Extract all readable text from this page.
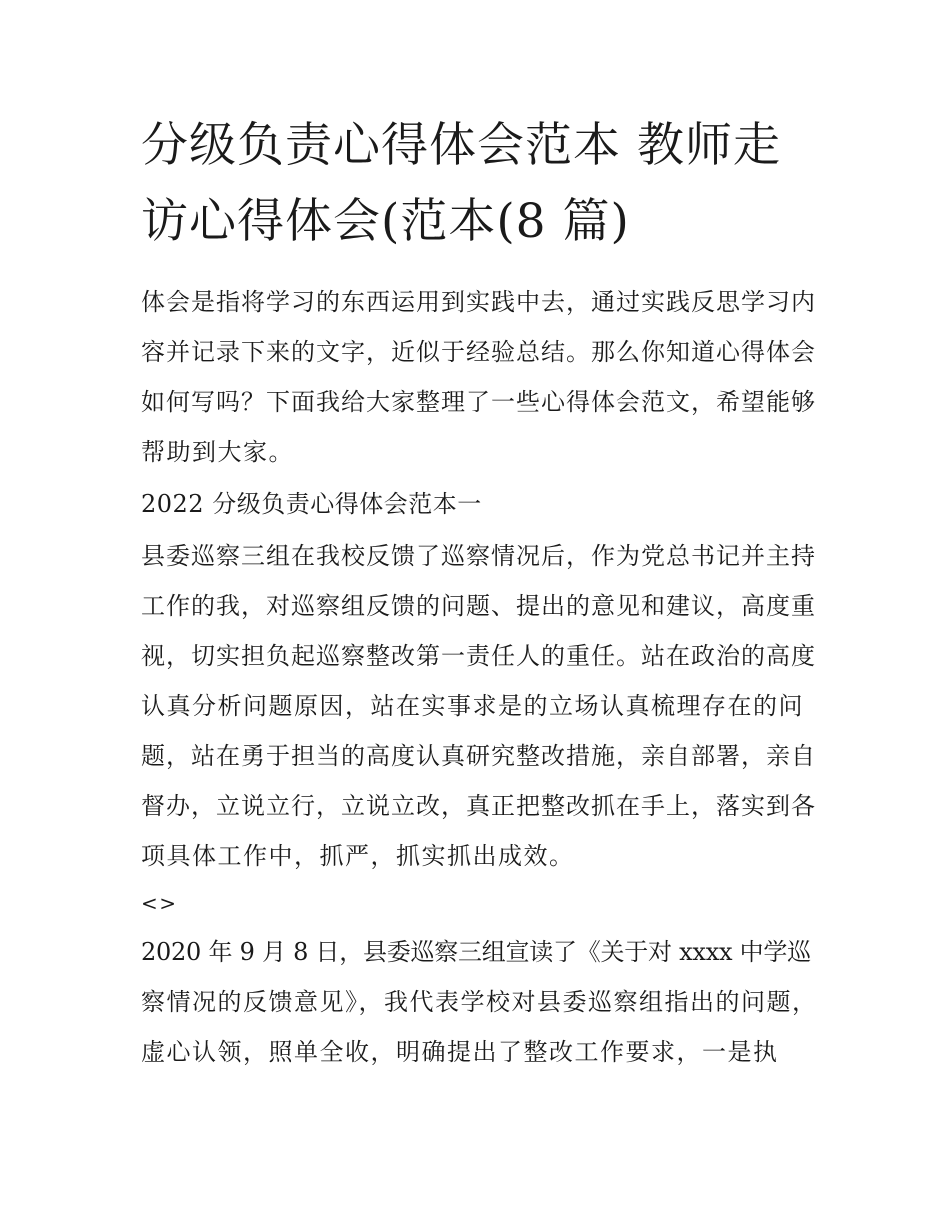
分级负责心得体会范本 教师走
访心得体会(范本(8 篇)

体会是指将学习的东西运用到实践中去，通过实践反思学习内

容并记录下来的文字，近似于经验总结。那么你知道心得体会

如何写吗？下面我给大家整理了一些心得体会范文，希望能够

帮助到大家。

2022 分级负责心得体会范本一

县委巡察三组在我校反馈了巡察情况后，作为党总书记并主持

工作的我，对巡察组反馈的问题、提出的意见和建议，高度重

视，切实担负起巡察整改第一责任人的重任。站在政治的高度

认真分析问题原因，站在实事求是的立场认真梳理存在的问

题，站在勇于担当的高度认真研究整改措施，亲自部署，亲自

督办，立说立行，立说立改，真正把整改抓在手上，落实到各

项具体工作中，抓严，抓实抓出成效。

<>

2020 年 9 月 8 日，县委巡察三组宣读了《关于对 xxxx 中学巡

察情况的反馈意见》，我代表学校对县委巡察组指出的问题，

虚心认领，照单全收，明确提出了整改工作要求，一是执
